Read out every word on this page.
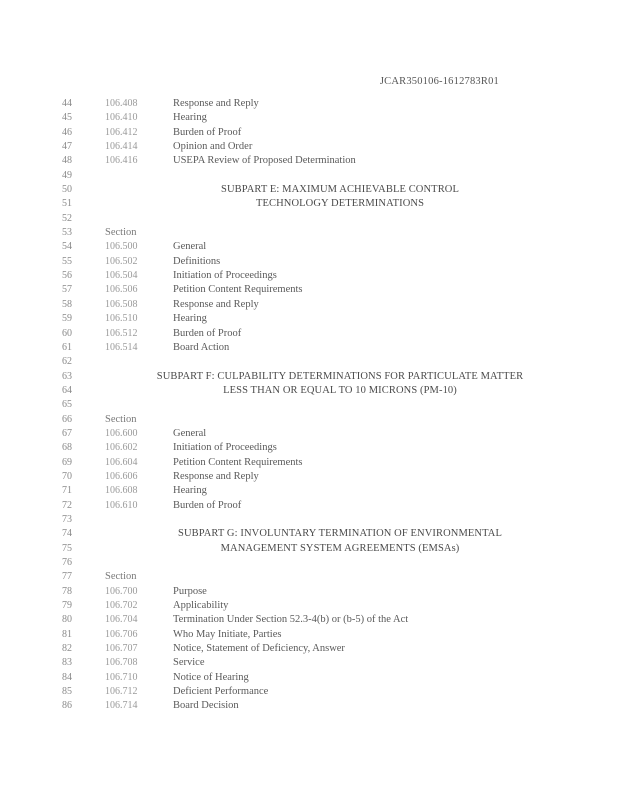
JCAR350106-1612783R01
44	106.408	Response and Reply
45	106.410	Hearing
46	106.412	Burden of Proof
47	106.414	Opinion and Order
48	106.416	USEPA Review of Proposed Determination
49
50	SUBPART E: MAXIMUM ACHIEVABLE CONTROL
51	TECHNOLOGY DETERMINATIONS
52
53	Section
54	106.500	General
55	106.502	Definitions
56	106.504	Initiation of Proceedings
57	106.506	Petition Content Requirements
58	106.508	Response and Reply
59	106.510	Hearing
60	106.512	Burden of Proof
61	106.514	Board Action
62
63	SUBPART F: CULPABILITY DETERMINATIONS FOR PARTICULATE MATTER
64	LESS THAN OR EQUAL TO 10 MICRONS (PM-10)
65
66	Section
67	106.600	General
68	106.602	Initiation of Proceedings
69	106.604	Petition Content Requirements
70	106.606	Response and Reply
71	106.608	Hearing
72	106.610	Burden of Proof
73
74	SUBPART G: INVOLUNTARY TERMINATION OF ENVIRONMENTAL
75	MANAGEMENT SYSTEM AGREEMENTS (EMSAs)
76
77	Section
78	106.700	Purpose
79	106.702	Applicability
80	106.704	Termination Under Section 52.3-4(b) or (b-5) of the Act
81	106.706	Who May Initiate, Parties
82	106.707	Notice, Statement of Deficiency, Answer
83	106.708	Service
84	106.710	Notice of Hearing
85	106.712	Deficient Performance
86	106.714	Board Decision
